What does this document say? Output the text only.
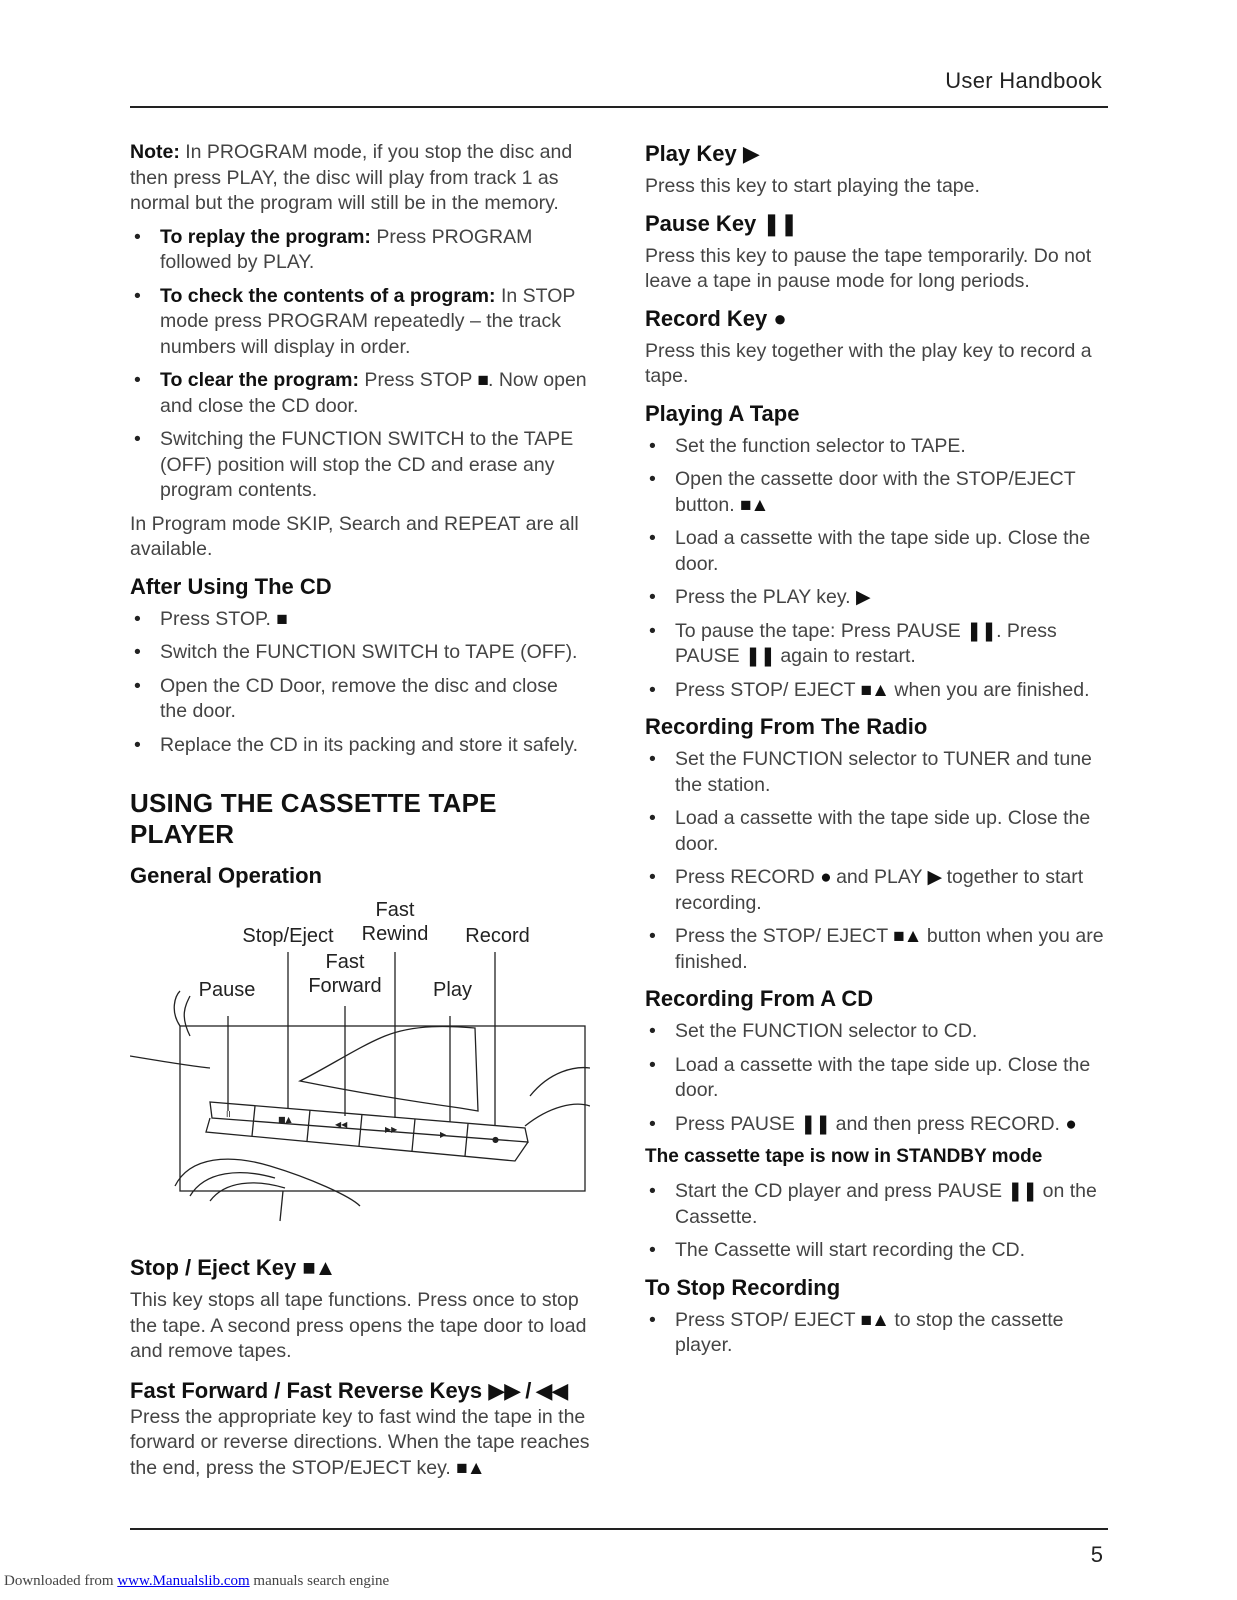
User Handbook

Note: In PROGRAM mode, if you stop the disc and then press PLAY, the disc will play from track 1 as normal but the program will still be in the memory.

• To replay the program: Press PROGRAM followed by PLAY.
• To check the contents of a program: In STOP mode press PROGRAM repeatedly – the track numbers will display in order.
• To clear the program: Press STOP ■. Now open and close the CD door.
• Switching the FUNCTION SWITCH to the TAPE (OFF) position will stop the CD and erase any program contents.

In Program mode SKIP, Search and REPEAT are all available.

After Using The CD
• Press STOP. ■
• Switch the FUNCTION SWITCH to TAPE (OFF).
• Open the CD Door, remove the disc and close the door.
• Replace the CD in its packing and store it safely.
USING THE CASSETTE TAPE PLAYER
General Operation
II
■▲
◀◀
▶▶
▶
●
Fast
Rewind
Stop/Eject	Record
Fast
Forward
Pause	Play
Stop / Eject Key ■▲

This key stops all tape functions. Press once to stop the tape. A second press opens the tape door to load and remove tapes.

Fast Forward / Fast Reverse Keys ▶▶ / ◀◀

Press the appropriate key to fast wind the tape in the forward or reverse directions. When the tape reaches the end, press the STOP/EJECT key. ■▲

Play Key ▶

Press this key to start playing the tape.

Pause Key ❚❚

Press this key to pause the tape temporarily. Do not leave a tape in pause mode for long periods.

Record Key ●

Press this key together with the play key to record a tape.

Playing A Tape
• Set the function selector to TAPE.
• Open the cassette door with the STOP/EJECT button. ■▲
• Load a cassette with the tape side up. Close the door.
• Press the PLAY key. ▶
• To pause the tape: Press PAUSE ❚❚. Press PAUSE ❚❚ again to restart.
• Press STOP/ EJECT ■▲ when you are finished.
Recording From The Radio
• Set the FUNCTION selector to TUNER and tune the station.
• Load a cassette with the tape side up. Close the door.
• Press RECORD ● and PLAY ▶ together to start recording.
• Press the STOP/ EJECT ■▲ button when you are finished.
Recording From A CD
• Set the FUNCTION selector to CD.
• Load a cassette with the tape side up. Close the door.
• Press PAUSE ❚❚ and then press RECORD. ●
The cassette tape is now in STANDBY mode
• Start the CD player and press PAUSE ❚❚ on the Cassette.
• The Cassette will start recording the CD.
To Stop Recording
• Press STOP/ EJECT ■▲ to stop the cassette player.
5
Downloaded from www.Manualslib.com manuals search engine
